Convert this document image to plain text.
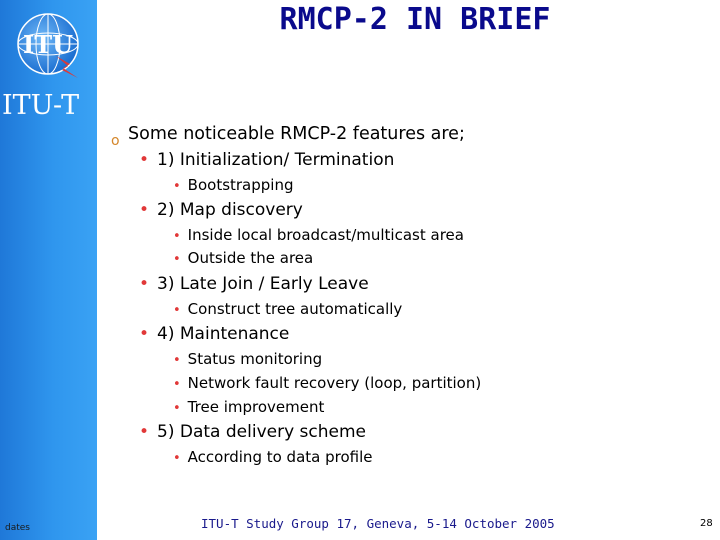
ITU
ITU-T
dates
RMCP-2 IN BRIEF
o Some noticeable RMCP-2 features are;
• 1) Initialization/ Termination
• Bootstrapping
• 2) Map discovery
• Inside local broadcast/multicast area
• Outside the area
• 3) Late Join / Early Leave
• Construct tree automatically
• 4) Maintenance
• Status monitoring
• Network fault recovery (loop, partition)
• Tree improvement
• 5) Data delivery scheme
• According to data profile
ITU-T Study Group 17, Geneva, 5-14 October 2005	28
